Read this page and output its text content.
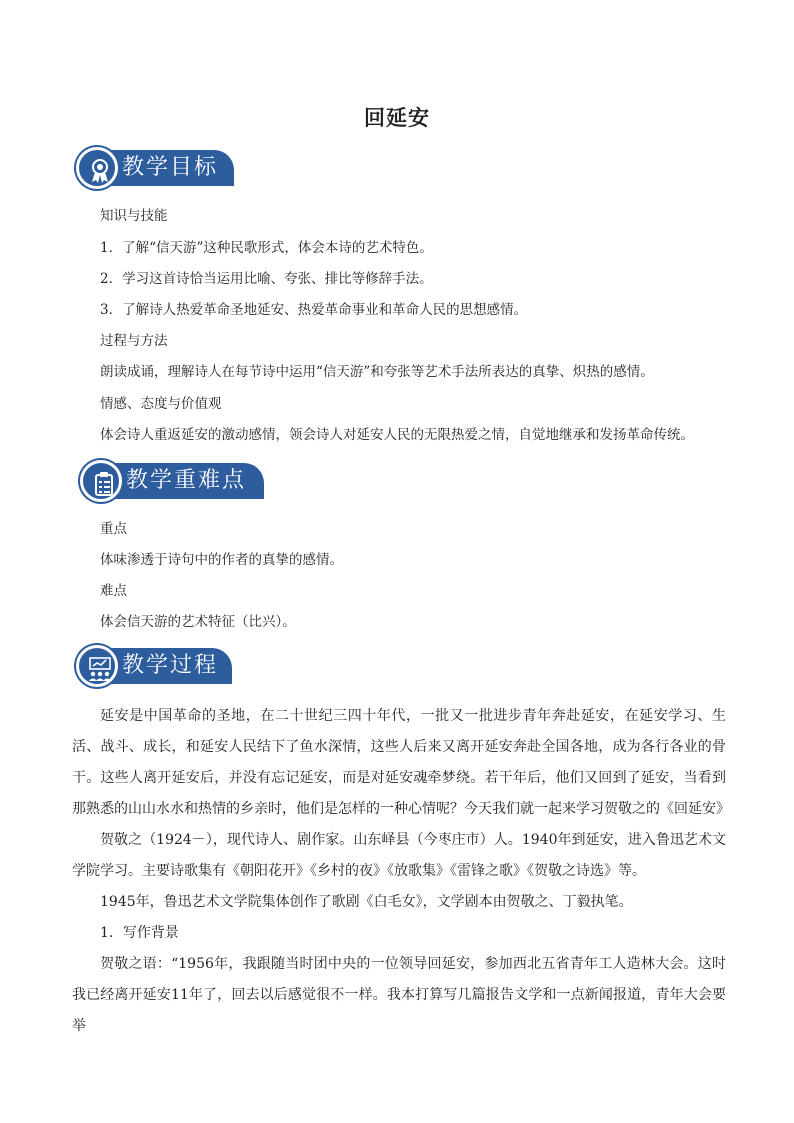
回延安
教学目标
知识与技能
1．了解“信天游”这种民歌形式，体会本诗的艺术特色。
2．学习这首诗恰当运用比喻、夸张、排比等修辞手法。
3．了解诗人热爱革命圣地延安、热爱革命事业和革命人民的思想感情。
过程与方法
朗读成诵，理解诗人在每节诗中运用“信天游”和夸张等艺术手法所表达的真挚、炽热的感情。
情感、态度与价值观
体会诗人重返延安的激动感情，领会诗人对延安人民的无限热爱之情，自觉地继承和发扬革命传统。
教学重难点
重点
体味渗透于诗句中的作者的真挚的感情。
难点
体会信天游的艺术特征（比兴）。
教学过程
延安是中国革命的圣地，在二十世纪三四十年代，一批又一批进步青年奔赴延安，在延安学习、生活、战斗、成长，和延安人民结下了鱼水深情，这些人后来又离开延安奔赴全国各地，成为各行各业的骨干。这些人离开延安后，并没有忘记延安，而是对延安魂牵梦绕。若干年后，他们又回到了延安，当看到那熟悉的山山水水和热情的乡亲时，他们是怎样的一种心情呢？今天我们就一起来学习贺敬之的《回延安》
贺敬之（1924－），现代诗人、剧作家。山东峄县（今枣庄市）人。1940年到延安，进入鲁迅艺术文学院学习。主要诗歌集有《朝阳花开》《乡村的夜》《放歌集》《雷锋之歌》《贺敬之诗选》等。
1945年，鲁迅艺术文学院集体创作了歌剧《白毛女》，文学剧本由贺敬之、丁毅执笔。
1．写作背景
贺敬之语：“1956年，我跟随当时团中央的一位领导回延安，参加西北五省青年工人造林大会。这时我已经离开延安11年了，回去以后感觉很不一样。我本打算写几篇报告文学和一点新闻报道，青年大会要举
